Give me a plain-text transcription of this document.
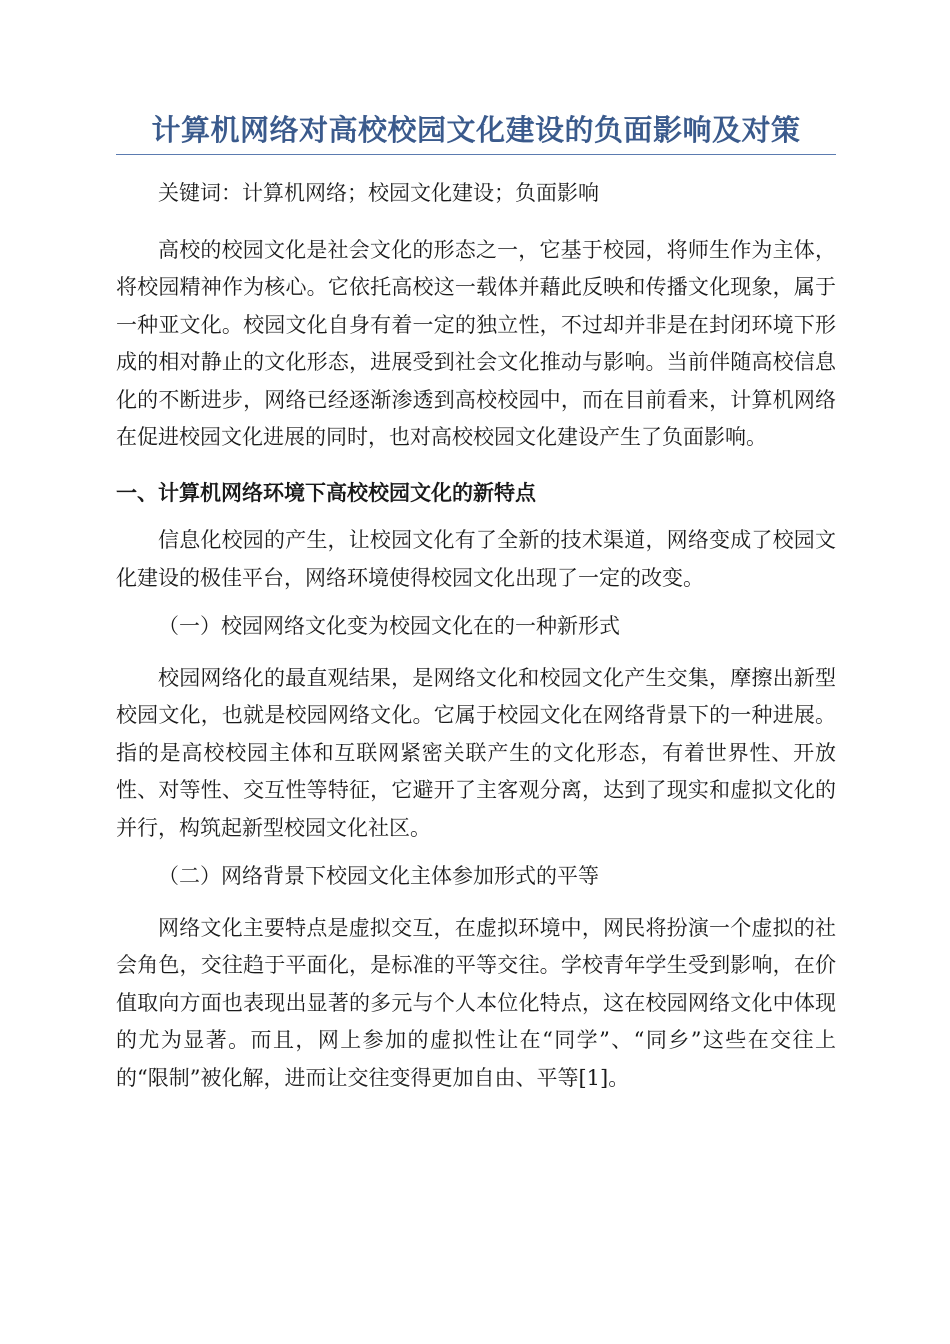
计算机网络对高校校园文化建设的负面影响及对策

关键词：计算机网络；校园文化建设；负面影响

高校的校园文化是社会文化的形态之一，它基于校园，将师生作为主体，将校园精神作为核心。它依托高校这一载体并藉此反映和传播文化现象，属于一种亚文化。校园文化自身有着一定的独立性，不过却并非是在封闭环境下形成的相对静止的文化形态，进展受到社会文化推动与影响。当前伴随高校信息化的不断进步，网络已经逐渐渗透到高校校园中，而在目前看来，计算机网络在促进校园文化进展的同时，也对高校校园文化建设产生了负面影响。

一、计算机网络环境下高校校园文化的新特点

信息化校园的产生，让校园文化有了全新的技术渠道，网络变成了校园文化建设的极佳平台，网络环境使得校园文化出现了一定的改变。

（一）校园网络文化变为校园文化在的一种新形式

校园网络化的最直观结果，是网络文化和校园文化产生交集，摩擦出新型校园文化，也就是校园网络文化。它属于校园文化在网络背景下的一种进展。指的是高校校园主体和互联网紧密关联产生的文化形态，有着世界性、开放性、对等性、交互性等特征，它避开了主客观分离，达到了现实和虚拟文化的并行，构筑起新型校园文化社区。

（二）网络背景下校园文化主体参加形式的平等

网络文化主要特点是虚拟交互，在虚拟环境中，网民将扮演一个虚拟的社会角色，交往趋于平面化，是标准的平等交往。学校青年学生受到影响，在价值取向方面也表现出显著的多元与个人本位化特点，这在校园网络文化中体现的尤为显著。而且，网上参加的虚拟性让在“同学”、“同乡”这些在交往上的“限制”被化解，进而让交往变得更加自由、平等[1]。
